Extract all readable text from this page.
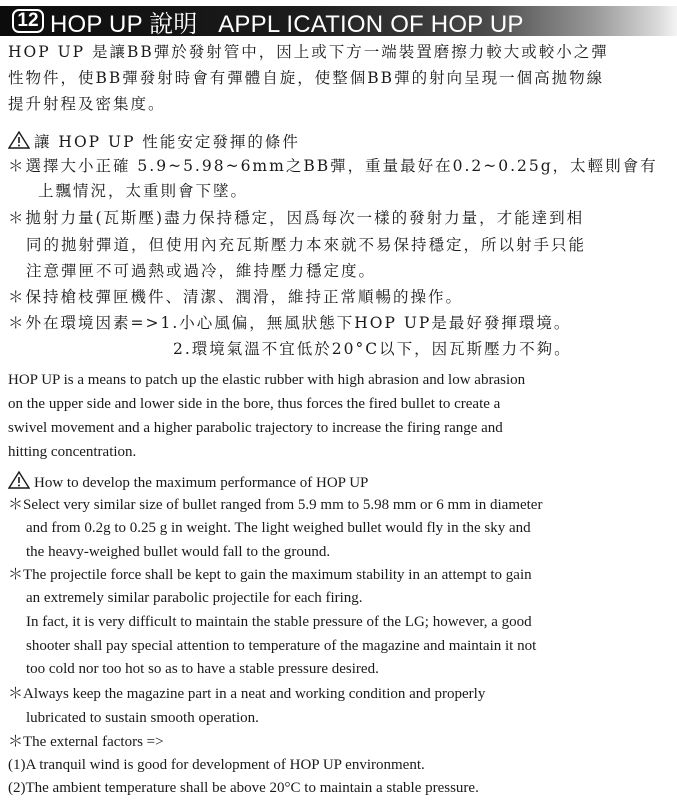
12 HOP UP 說明   APPL ICATION OF HOP UP
HOP UP 是讓BB彈於發射管中，因上或下方一端裝置磨擦力較大或較小之彈
性物件，使BB彈發射時會有彈體自旋，使整個BB彈的射向呈現一個高拋物線
提升射程及密集度。
讓 HOP UP 性能安定發揮的條件
＊選擇大小正確 5.9~5.98~6mm之BB彈，重量最好在0.2~0.25g，太輕則會有
上飄情況，太重則會下墜。
＊拋射力量(瓦斯壓)盡力保持穩定，因爲每次一樣的發射力量，才能達到相
同的拋射彈道，但使用內充瓦斯壓力本來就不易保持穩定，所以射手只能
注意彈匣不可過熱或過冷，維持壓力穩定度。
＊保持槍枝彈匣機件、清潔、潤滑，維持正常順暢的操作。
＊外在環境因素=>1.小心風偏，無風狀態下HOP UP是最好發揮環境。
2.環境氣溫不宜低於20°C以下，因瓦斯壓力不夠。
HOP UP is a means to patch up the elastic rubber with high abrasion and low abrasion
on the upper side and lower side in the bore, thus forces the fired bullet to create a
swivel movement and a higher parabolic trajectory to increase the firing range and
hitting concentration.
How to develop the maximum performance of HOP UP
＊Select very similar size of bullet ranged from 5.9 mm to 5.98 mm or 6 mm in diameter
and from 0.2g to 0.25 g in weight. The light weighed bullet would fly in the sky and
the heavy-weighed bullet would fall to the ground.
＊The projectile force shall be kept to gain the maximum stability in an attempt to gain
an extremely similar parabolic projectile for each firing.
In fact, it is very difficult to maintain the stable pressure of the LG; however, a good
shooter shall pay special attention to temperature of the magazine and maintain it not
too cold nor too hot so as to have a stable pressure desired.
＊Always keep the magazine part in a neat and working condition and properly
lubricated to sustain smooth operation.
＊The external factors =>
(1)A tranquil wind is good for development of HOP UP environment.
(2)The ambient temperature shall be above 20°C to maintain a stable pressure.
